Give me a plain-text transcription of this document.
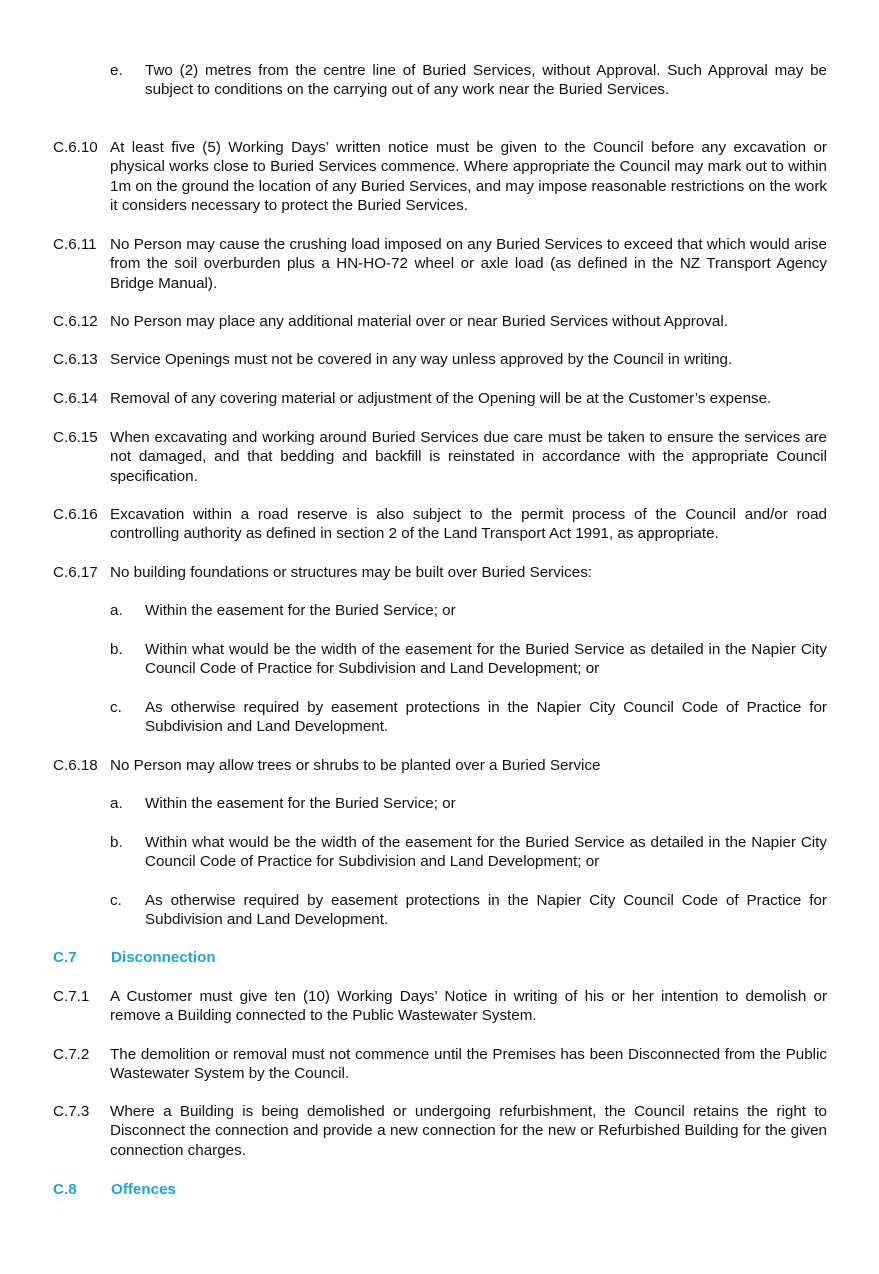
e. Two (2) metres from the centre line of Buried Services, without Approval. Such Approval may be subject to conditions on the carrying out of any work near the Buried Services.
C.6.10 At least five (5) Working Days’ written notice must be given to the Council before any excavation or physical works close to Buried Services commence. Where appropriate the Council may mark out to within 1m on the ground the location of any Buried Services, and may impose reasonable restrictions on the work it considers necessary to protect the Buried Services.
C.6.11 No Person may cause the crushing load imposed on any Buried Services to exceed that which would arise from the soil overburden plus a HN-HO-72 wheel or axle load (as defined in the NZ Transport Agency Bridge Manual).
C.6.12 No Person may place any additional material over or near Buried Services without Approval.
C.6.13 Service Openings must not be covered in any way unless approved by the Council in writing.
C.6.14 Removal of any covering material or adjustment of the Opening will be at the Customer’s expense.
C.6.15 When excavating and working around Buried Services due care must be taken to ensure the services are not damaged, and that bedding and backfill is reinstated in accordance with the appropriate Council specification.
C.6.16 Excavation within a road reserve is also subject to the permit process of the Council and/or road controlling authority as defined in section 2 of the Land Transport Act 1991, as appropriate.
C.6.17 No building foundations or structures may be built over Buried Services:
a. Within the easement for the Buried Service; or
b. Within what would be the width of the easement for the Buried Service as detailed in the Napier City Council Code of Practice for Subdivision and Land Development; or
c. As otherwise required by easement protections in the Napier City Council Code of Practice for Subdivision and Land Development.
C.6.18 No Person may allow trees or shrubs to be planted over a Buried Service
a. Within the easement for the Buried Service; or
b. Within what would be the width of the easement for the Buried Service as detailed in the Napier City Council Code of Practice for Subdivision and Land Development; or
c. As otherwise required by easement protections in the Napier City Council Code of Practice for Subdivision and Land Development.
C.7 Disconnection
C.7.1 A Customer must give ten (10) Working Days’ Notice in writing of his or her intention to demolish or remove a Building connected to the Public Wastewater System.
C.7.2 The demolition or removal must not commence until the Premises has been Disconnected from the Public Wastewater System by the Council.
C.7.3 Where a Building is being demolished or undergoing refurbishment, the Council retains the right to Disconnect the connection and provide a new connection for the new or Refurbished Building for the given connection charges.
C.8 Offences
